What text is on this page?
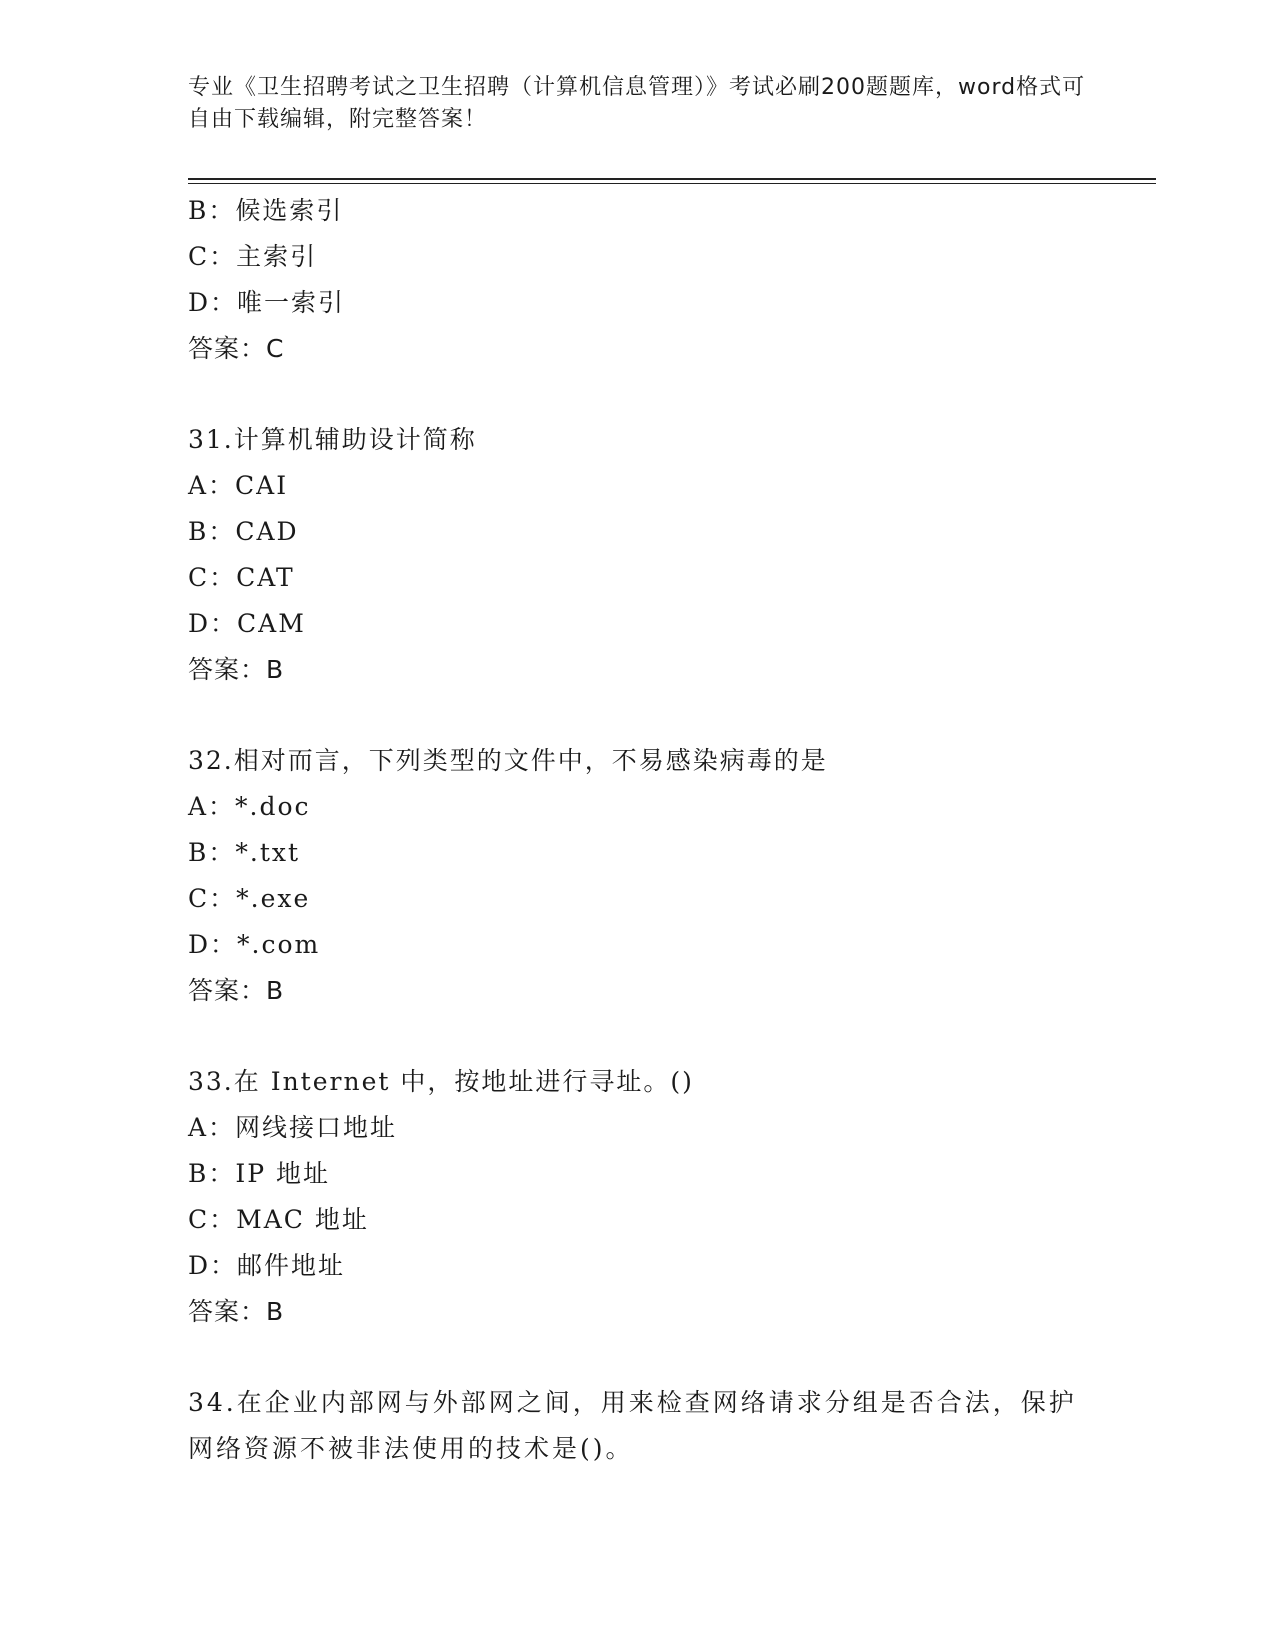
专业《卫生招聘考试之卫生招聘（计算机信息管理）》考试必刷200题题库，word格式可自由下载编辑，附完整答案！
B：候选索引
C：主索引
D：唯一索引
答案：C
31.计算机辅助设计简称
A：CAI
B：CAD
C：CAT
D：CAM
答案：B
32.相对而言，下列类型的文件中，不易感染病毒的是
A：*.doc
B：*.txt
C：*.exe
D：*.com
答案：B
33.在 Internet 中，按地址进行寻址。()
A：网线接口地址
B：IP 地址
C：MAC 地址
D：邮件地址
答案：B
34.在企业内部网与外部网之间，用来检查网络请求分组是否合法，保护网络资源不被非法使用的技术是()。
